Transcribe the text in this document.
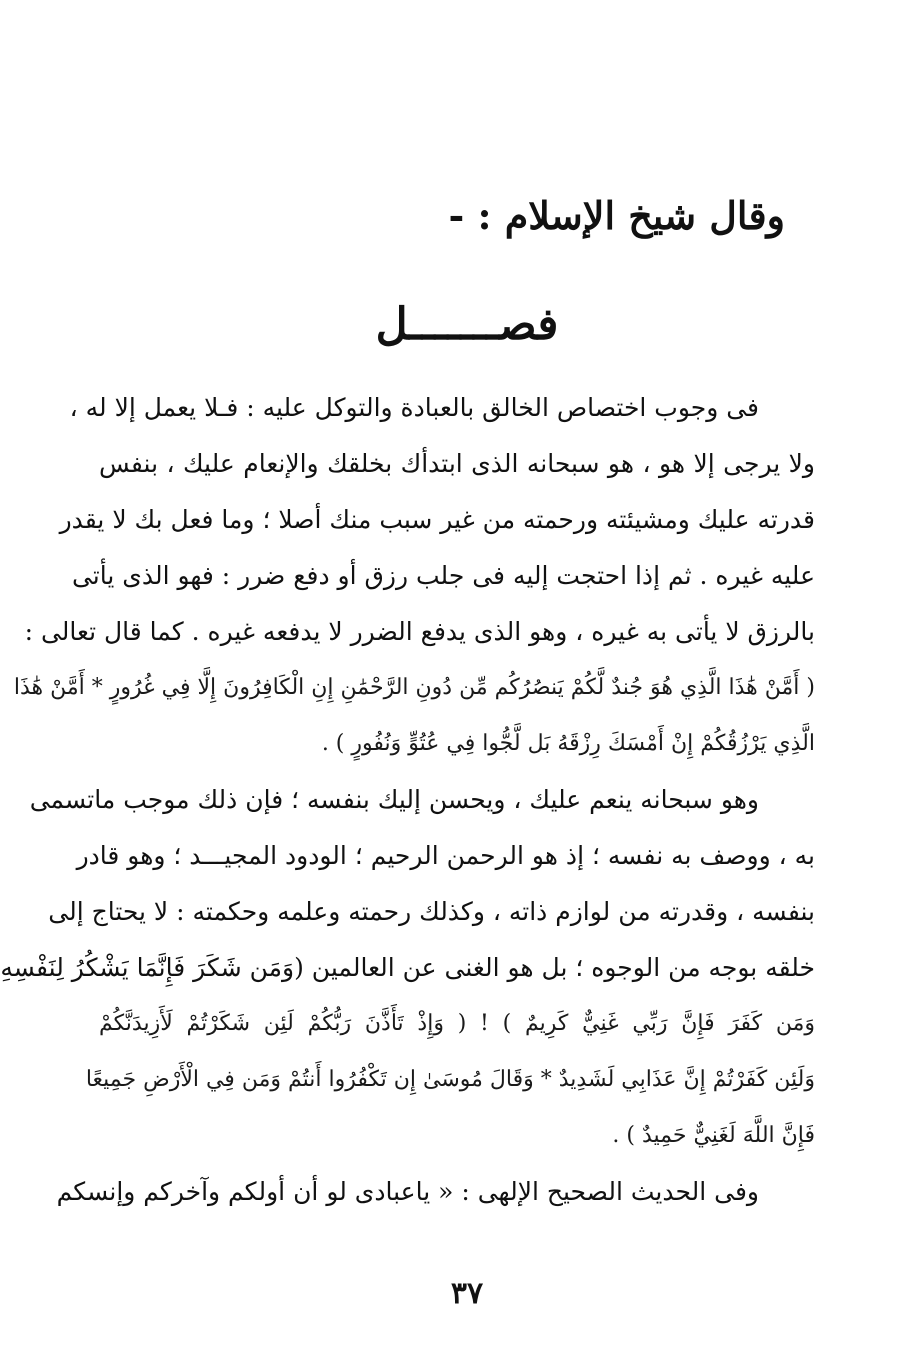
وقال شيخ الإسلام : -
فصـــــــل
فى وجوب اختصاص الخالق بالعبادة والتوكل عليه : فـلا يعمل إلا له ،
ولا يرجى إلا هو ، هو سبحانه الذى ابتدأك بخلقك والإنعام عليك ، بنفس
قدرته عليك ومشيئته ورحمته من غير سبب منك أصلا ؛ وما فعل بك لا يقدر
عليه غيره . ثم إذا احتجت إليه فى جلب رزق أو دفع ضرر : فهو الذى يأتى
بالرزق لا يأتى به غيره ، وهو الذى يدفع الضرر لا يدفعه غيره . كما قال تعالى :
( أَمَّنْ هَٰذَا الَّذِي هُوَ جُندٌ لَّكُمْ يَنصُرُكُم مِّن دُونِ الرَّحْمَٰنِ إِنِ الْكَافِرُونَ إِلَّا فِي غُرُورٍ * أَمَّنْ هَٰذَا
الَّذِي يَرْزُقُكُمْ إِنْ أَمْسَكَ رِزْقَهُ بَل لَّجُّوا فِي عُتُوٍّ وَنُفُورٍ ) .
وهو سبحانه ينعم عليك ، ويحسن إليك بنفسه ؛ فإن ذلك موجب ماتسمى
به ، ووصف به نفسه ؛ إذ هو الرحمن الرحيم ؛ الودود المجيـــد ؛ وهو قادر
بنفسه ، وقدرته من لوازم ذاته ، وكذلك رحمته وعلمه وحكمته : لا يحتاج إلى
خلقه بوجه من الوجوه ؛ بل هو الغنى عن العالمين (وَمَن شَكَرَ فَإِنَّمَا يَشْكُرُ لِنَفْسِهِ
وَمَن كَفَرَ فَإِنَّ رَبِّي غَنِيٌّ كَرِيمٌ ) ! ( وَإِذْ تَأَذَّنَ رَبُّكُمْ لَئِن شَكَرْتُمْ لَأَزِيدَنَّكُمْ
وَلَئِن كَفَرْتُمْ إِنَّ عَذَابِي لَشَدِيدٌ * وَقَالَ مُوسَىٰ إِن تَكْفُرُوا أَنتُمْ وَمَن فِي الْأَرْضِ جَمِيعًا
فَإِنَّ اللَّهَ لَغَنِيٌّ حَمِيدٌ ) .
وفى الحديث الصحيح الإلهى : « ياعبادى لو أن أولكم وآخركم وإنسكم
٣٧
